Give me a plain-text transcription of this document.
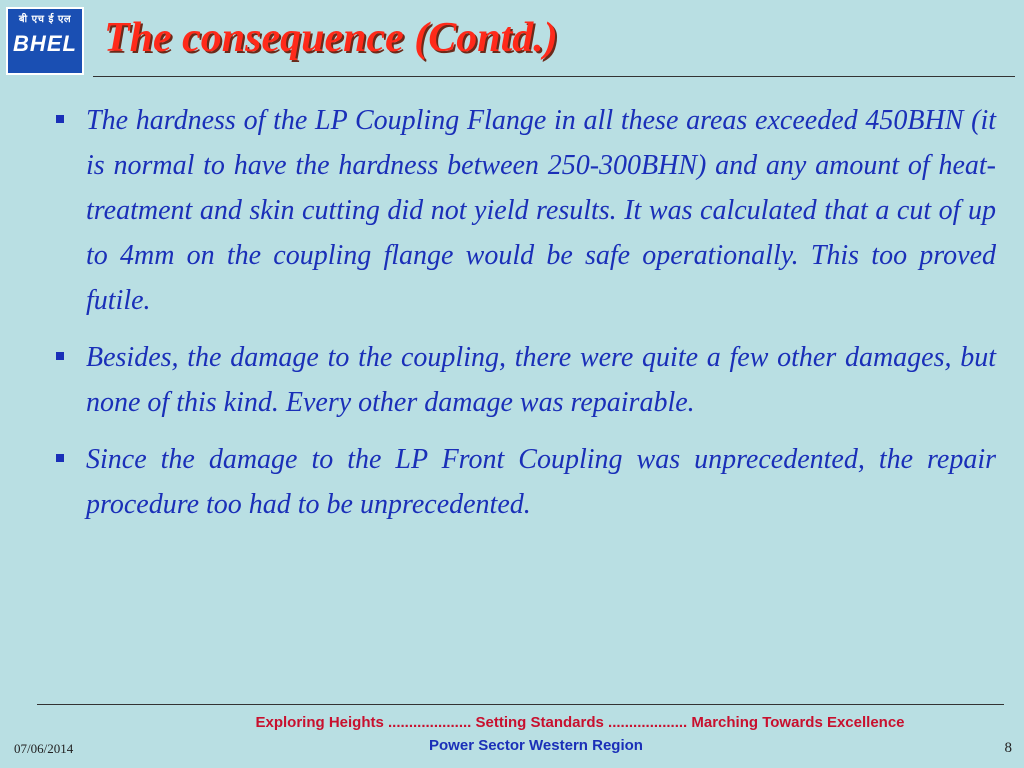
बी एच ई एल
BHEL The consequence (Contd.)
The hardness of the LP Coupling Flange in all these areas exceeded 450BHN (it is normal to have the hardness between 250-300BHN) and any amount of heat-treatment and skin cutting did not yield results. It was calculated that a cut of up to 4mm on the coupling flange would be safe operationally. This too proved futile.
Besides, the damage to the coupling, there were quite a few other damages, but none of this kind. Every other damage was repairable.
Since the damage to the LP Front Coupling was unprecedented, the repair procedure too had to be unprecedented.
Exploring Heights .................... Setting Standards ................... Marching Towards Excellence
Power Sector Western Region
07/06/2014	8
